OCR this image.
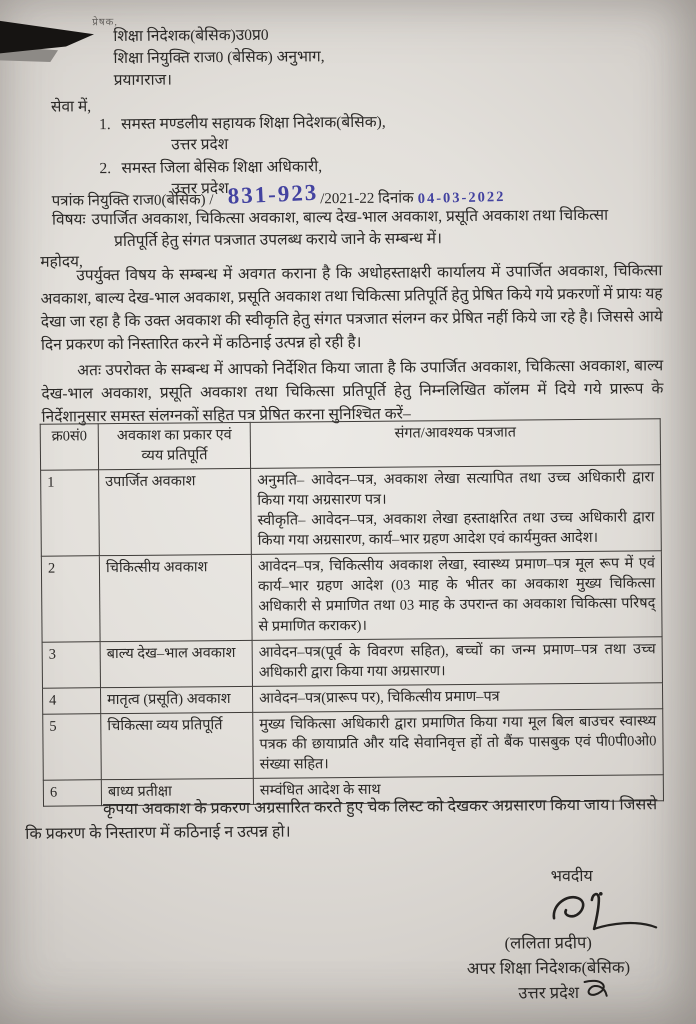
प्रेषक,
शिक्षा निदेशक(बेसिक)उ0प्र0
शिक्षा नियुक्ति राज0 (बेसिक) अनुभाग,
प्रयागराज।
सेवा में,
1. समस्त मण्डलीय सहायक शिक्षा निदेशक(बेसिक),
उत्तर प्रदेश
2. समस्त जिला बेसिक शिक्षा अधिकारी,
उत्तर प्रदेश
पत्रांक नियुक्ति राज0(बेसिक) / 831-923 /2021-22 दिनांक 04-03-2022
विषयः उपार्जित अवकाश, चिकित्सा अवकाश, बाल्य देख-भाल अवकाश, प्रसूति अवकाश तथा चिकित्सा
प्रतिपूर्ति हेतु संगत पत्रजात उपलब्ध कराये जाने के सम्बन्ध में।
महोदय,
उपर्युक्त विषय के सम्बन्ध में अवगत कराना है कि अधोहस्ताक्षरी कार्यालय में उपार्जित अवकाश, चिकित्सा अवकाश, बाल्य देख-भाल अवकाश, प्रसूति अवकाश तथा चिकित्सा प्रतिपूर्ति हेतु प्रेषित किये गये प्रकरणों में प्रायः यह देखा जा रहा है कि उक्त अवकाश की स्वीकृति हेतु संगत पत्रजात संलग्न कर प्रेषित नहीं किये जा रहे है। जिससे आये दिन प्रकरण को निस्तारित करने में कठिनाई उत्पन्न हो रही है।
अतः उपरोक्त के सम्बन्ध में आपको निर्देशित किया जाता है कि उपार्जित अवकाश, चिकित्सा अवकाश, बाल्य देख-भाल अवकाश, प्रसूति अवकाश तथा चिकित्सा प्रतिपूर्ति हेतु निम्नलिखित कॉलम में दिये गये प्रारूप के निर्देशानुसार समस्त संलग्नकों सहित पत्र प्रेषित करना सुनिश्चित करें–
क्र0सं0	अवकाश का प्रकार एवं व्यय प्रतिपूर्ति	संगत/आवश्यक पत्रजात
1	उपार्जित अवकाश	अनुमति– आवेदन–पत्र, अवकाश लेखा सत्यापित तथा उच्च अधिकारी द्वारा किया गया अग्रसारण पत्र।

स्वीकृति– आवेदन–पत्र, अवकाश लेखा हस्ताक्षरित तथा उच्च अधिकारी द्वारा किया गया अग्रसारण, कार्य–भार ग्रहण आदेश एवं कार्यमुक्त आदेश।

2	चिकित्सीय अवकाश	आवेदन–पत्र, चिकित्सीय अवकाश लेखा, स्वास्थ्य प्रमाण–पत्र मूल रूप में एवं कार्य–भार ग्रहण आदेश (03 माह के भीतर का अवकाश मुख्य चिकित्सा अधिकारी से प्रमाणित तथा 03 माह के उपरान्त का अवकाश चिकित्सा परिषद् से प्रमाणित कराकर)।

3	बाल्य देख–भाल अवकाश	आवेदन–पत्र(पूर्व के विवरण सहित), बच्चों का जन्म प्रमाण–पत्र तथा उच्च अधिकारी द्वारा किया गया अग्रसारण।

4	मातृत्व (प्रसूति) अवकाश	आवेदन–पत्र(प्रारूप पर), चिकित्सीय प्रमाण–पत्र

5	चिकित्सा व्यय प्रतिपूर्ति	मुख्य चिकित्सा अधिकारी द्वारा प्रमाणित किया गया मूल बिल बाउचर स्वास्थ्य पत्रक की छायाप्रति और यदि सेवानिवृत्त हों तो बैंक पासबुक एवं पी0पी0ओ0 संख्या सहित।

6	बाध्य प्रतीक्षा	सम्वंधित आदेश के साथ

कृपया अवकाश के प्रकरण अग्रसारित करते हुए चेक लिस्ट को देखकर अग्रसारण किया जाय। जिससे कि प्रकरण के निस्तारण में कठिनाई न उत्पन्न हो।
भवदीय
(ललिता प्रदीप)
अपर शिक्षा निदेशक(बेसिक)
उत्तर प्रदेश
